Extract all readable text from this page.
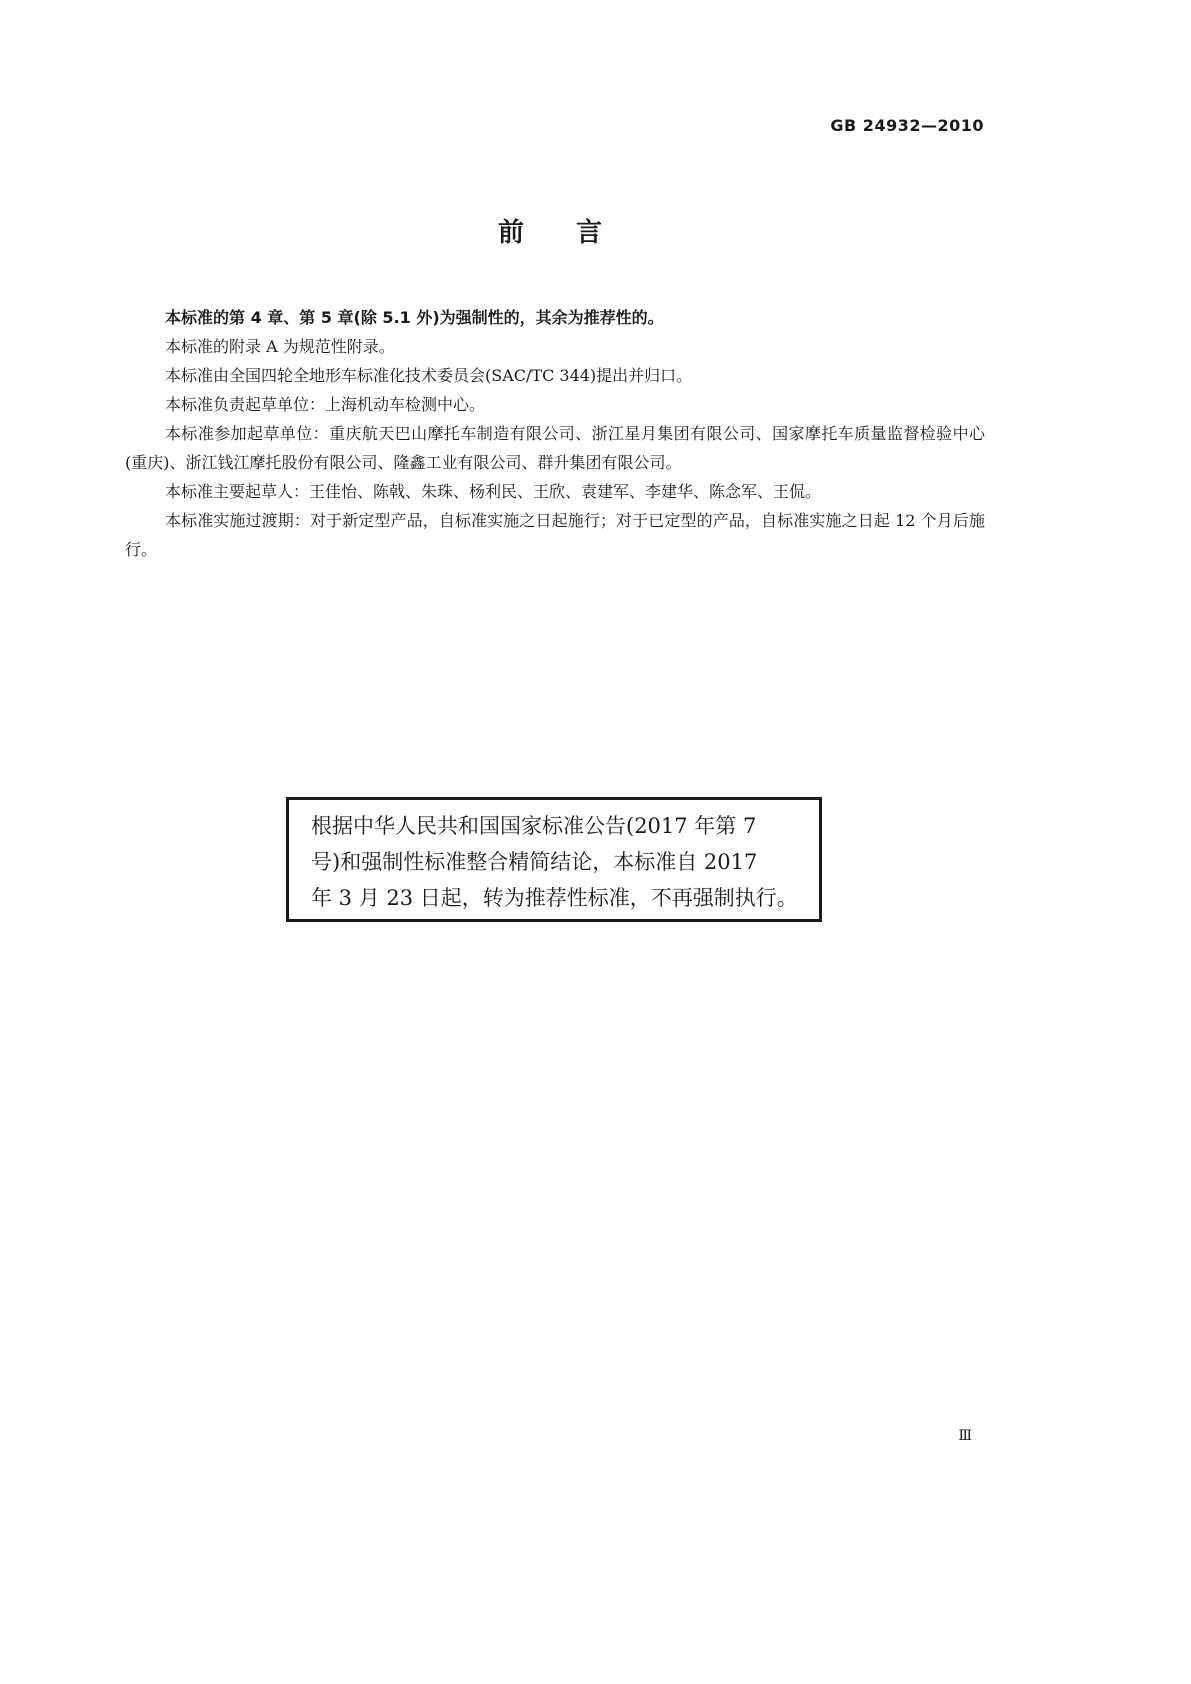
GB 24932—2010
前 言

本标准的第 4 章、第 5 章(除 5.1 外)为强制性的，其余为推荐性的。

本标准的附录 A 为规范性附录。

本标准由全国四轮全地形车标准化技术委员会(SAC/TC 344)提出并归口。

本标准负责起草单位：上海机动车检测中心。

本标准参加起草单位：重庆航天巴山摩托车制造有限公司、浙江星月集团有限公司、国家摩托车质量监督检验中心(重庆)、浙江钱江摩托股份有限公司、隆鑫工业有限公司、群升集团有限公司。

本标准主要起草人：王佳怡、陈戟、朱珠、杨利民、王欣、袁建军、李建华、陈念军、王侃。

本标准实施过渡期：对于新定型产品，自标准实施之日起施行；对于已定型的产品，自标准实施之日起 12 个月后施行。

根据中华人民共和国国家标准公告(2017 年第 7
号)和强制性标准整合精简结论，本标准自 2017
年 3 月 23 日起，转为推荐性标准，不再强制执行。
Ⅲ
